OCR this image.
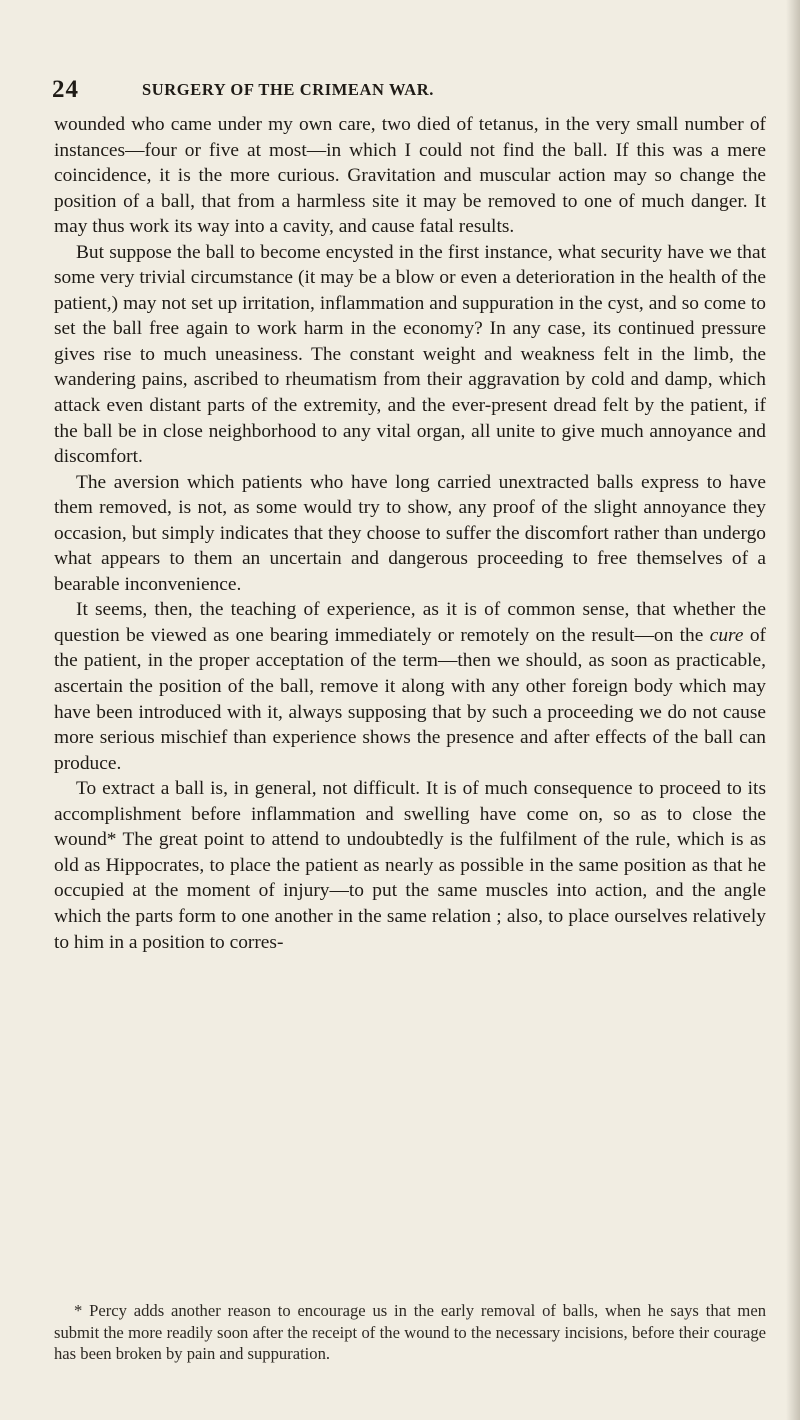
24	SURGERY OF THE CRIMEAN WAR.

wounded who came under my own care, two died of tetanus, in the very small number of instances—four or five at most—in which I could not find the ball. If this was a mere coincidence, it is the more curious. Gravitation and muscular action may so change the position of a ball, that from a harmless site it may be removed to one of much danger. It may thus work its way into a cavity, and cause fatal results.

But suppose the ball to become encysted in the first instance, what security have we that some very trivial circumstance (it may be a blow or even a deterioration in the health of the patient,) may not set up irritation, inflammation and suppuration in the cyst, and so come to set the ball free again to work harm in the economy? In any case, its continued pressure gives rise to much uneasiness. The constant weight and weakness felt in the limb, the wandering pains, ascribed to rheumatism from their aggravation by cold and damp, which attack even distant parts of the extremity, and the ever-present dread felt by the patient, if the ball be in close neighborhood to any vital organ, all unite to give much annoyance and discomfort.

The aversion which patients who have long carried unextracted balls express to have them removed, is not, as some would try to show, any proof of the slight annoyance they occasion, but simply indicates that they choose to suffer the discomfort rather than undergo what appears to them an uncertain and dangerous proceeding to free themselves of a bearable inconvenience.

It seems, then, the teaching of experience, as it is of common sense, that whether the question be viewed as one bearing immediately or remotely on the result—on the cure of the patient, in the proper acceptation of the term—then we should, as soon as practicable, ascertain the position of the ball, remove it along with any other foreign body which may have been introduced with it, always supposing that by such a proceeding we do not cause more serious mischief than experience shows the presence and after effects of the ball can produce.

To extract a ball is, in general, not difficult. It is of much consequence to proceed to its accomplishment before inflammation and swelling have come on, so as to close the wound* The great point to attend to undoubtedly is the fulfilment of the rule, which is as old as Hippocrates, to place the patient as nearly as possible in the same position as that he occupied at the moment of injury—to put the same muscles into action, and the angle which the parts form to one another in the same relation ; also, to place ourselves relatively to him in a position to corres-

* Percy adds another reason to encourage us in the early removal of balls, when he says that men submit the more readily soon after the receipt of the wound to the necessary incisions, before their courage has been broken by pain and suppuration.
